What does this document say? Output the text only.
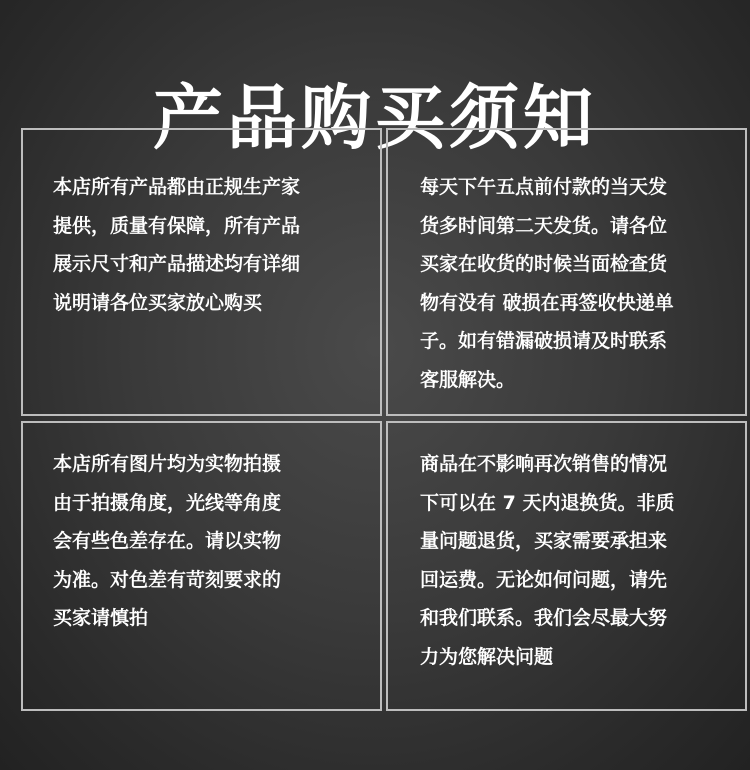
产品购买须知

本店所有产品都由正规生产家
提供，质量有保障，所有产品
展示尺寸和产品描述均有详细
说明请各位买家放心购买

每天下午五点前付款的当天发
货多时间第二天发货。请各位
买家在收货的时候当面检查货
物有没有 破损在再签收快递单
子。如有错漏破损请及时联系
客服解决。

本店所有图片均为实物拍摄
由于拍摄角度，光线等角度
会有些色差存在。请以实物
为准。对色差有苛刻要求的
买家请慎拍

商品在不影响再次销售的情况
下可以在 7 天内退换货。非质
量问题退货，买家需要承担来
回运费。无论如何问题，请先
和我们联系。我们会尽最大努
力为您解决问题
